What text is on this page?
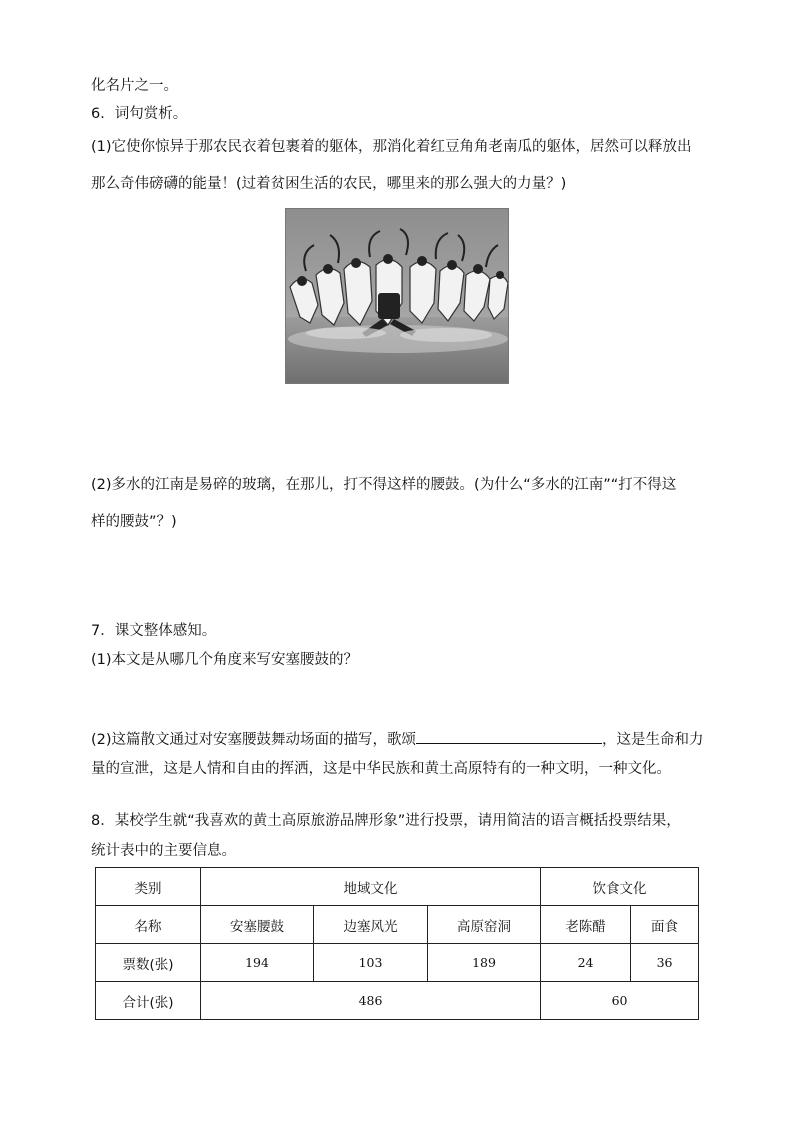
化名片之一。
6．词句赏析。
(1)它使你惊异于那农民衣着包裹着的躯体，那消化着红豆角角老南瓜的躯体，居然可以释放出
那么奇伟磅礴的能量！(过着贫困生活的农民，哪里来的那么强大的力量？)
(2)多水的江南是易碎的玻璃，在那儿，打不得这样的腰鼓。(为什么“多水的江南”“打不得这
样的腰鼓”？)
7．课文整体感知。
(1)本文是从哪几个角度来写安塞腰鼓的？
(2)这篇散文通过对安塞腰鼓舞动场面的描写，歌颂	，这是生命和力
量的宣泄，这是人情和自由的挥洒，这是中华民族和黄土高原特有的一种文明，一种文化。
8．某校学生就“我喜欢的黄土高原旅游品牌形象”进行投票，请用简洁的语言概括投票结果，
统计表中的主要信息。
类别	地域文化			饮食文化	
名称	安塞腰鼓	边塞风光	高原窑洞	老陈醋	面食
票数(张)	194	103	189	24	36
合计(张)	486			60	
